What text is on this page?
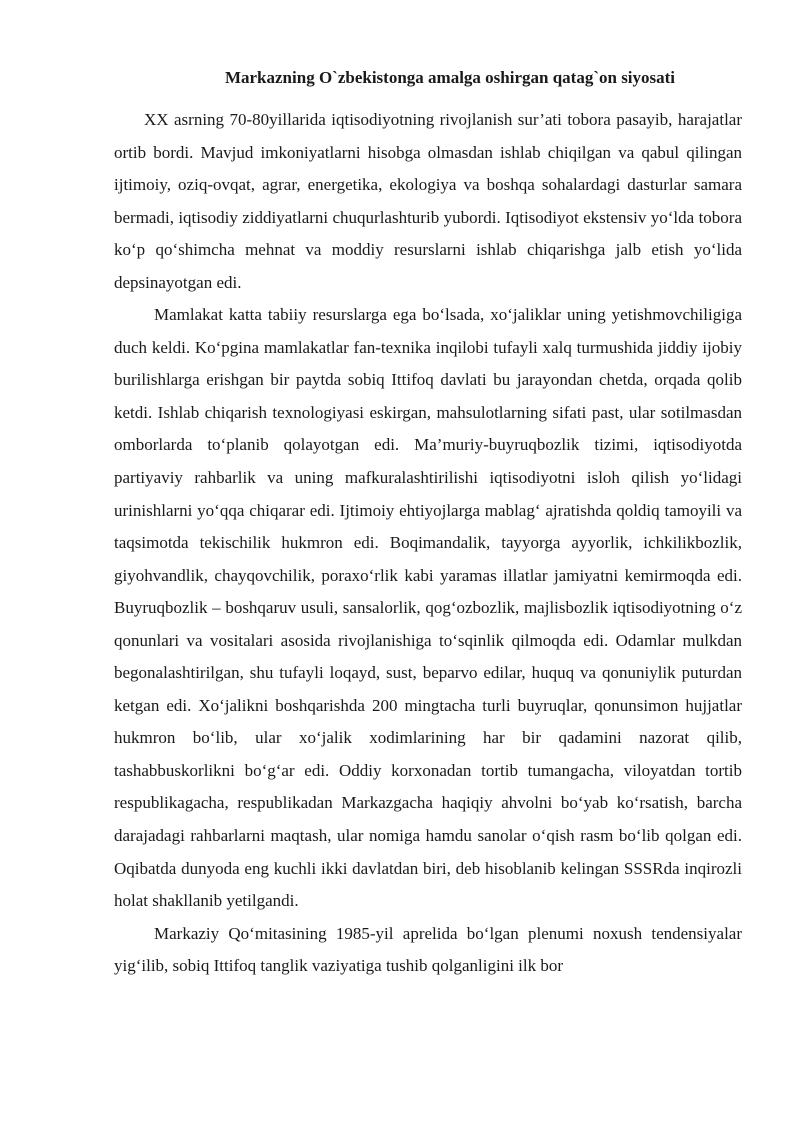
Markazning O`zbekistonga amalga oshirgan qatag`on siyosati

XX asrning 70-80yillarida iqtisodiyotning rivojlanish sur’ati tobora pasayib, harajatlar ortib bordi. Mavjud imkoniyatlarni hisobga olmasdan ishlab chiqilgan va qabul qilingan ijtimoiy, oziq-ovqat, agrar, energetika, ekologiya va boshqa sohalardagi dasturlar samara bermadi, iqtisodiy ziddiyatlarni chuqurlashturib yubordi. Iqtisodiyot ekstensiv yo‘lda tobora ko‘p qo‘shimcha mehnat va moddiy resurslarni ishlab chiqarishga jalb etish yo‘lida depsinayotgan edi.

Mamlakat katta tabiiy resurslarga ega bo‘lsada, xo‘jaliklar uning yetishmovchiligiga duch keldi. Ko‘pgina mamlakatlar fan-texnika inqilobi tufayli xalq turmushida jiddiy ijobiy burilishlarga erishgan bir paytda sobiq Ittifoq davlati bu jarayondan chetda, orqada qolib ketdi. Ishlab chiqarish texnologiyasi eskirgan, mahsulotlarning sifati past, ular sotilmasdan omborlarda to‘planib qolayotgan edi. Ma’muriy-buyruqbozlik tizimi, iqtisodiyotda partiyaviy rahbarlik va uning mafkuralashtirilishi iqtisodiyotni isloh qilish yo‘lidagi urinishlarni yo‘qqa chiqarar edi. Ijtimoiy ehtiyojlarga mablag‘ ajratishda qoldiq tamoyili va taqsimotda tekischilik hukmron edi. Boqimandalik, tayyorga ayyorlik, ichkilikbozlik, giyohvandlik, chayqovchilik, poraxo‘rlik kabi yaramas illatlar jamiyatni kemirmoqda edi. Buyruqbozlik – boshqaruv usuli, sansalorlik, qog‘ozbozlik, majlisbozlik iqtisodiyotning o‘z qonunlari va vositalari asosida rivojlanishiga to‘sqinlik qilmoqda edi. Odamlar mulkdan begonalashtirilgan, shu tufayli loqayd, sust, beparvo edilar, huquq va qonuniylik puturdan ketgan edi. Xo‘jalikni boshqarishda 200 mingtacha turli buyruqlar, qonunsimon hujjatlar hukmron bo‘lib, ular xo‘jalik xodimlarining har bir qadamini nazorat qilib, tashabbuskorlikni bo‘g‘ar edi. Oddiy korxonadan tortib tumangacha, viloyatdan tortib respublikagacha, respublikadan Markazgacha haqiqiy ahvolni bo‘yab ko‘rsatish, barcha darajadagi rahbarlarni maqtash, ular nomiga hamdu sanolar o‘qish rasm bo‘lib qolgan edi. Oqibatda dunyoda eng kuchli ikki davlatdan biri, deb hisoblanib kelingan SSSRda inqirozli holat shakllanib yetilgandi.

Markaziy Qo‘mitasining 1985-yil aprelida bo‘lgan plenumi noxush tendensiyalar yig‘ilib, sobiq Ittifoq tanglik vaziyatiga tushib qolganligini ilk bor
